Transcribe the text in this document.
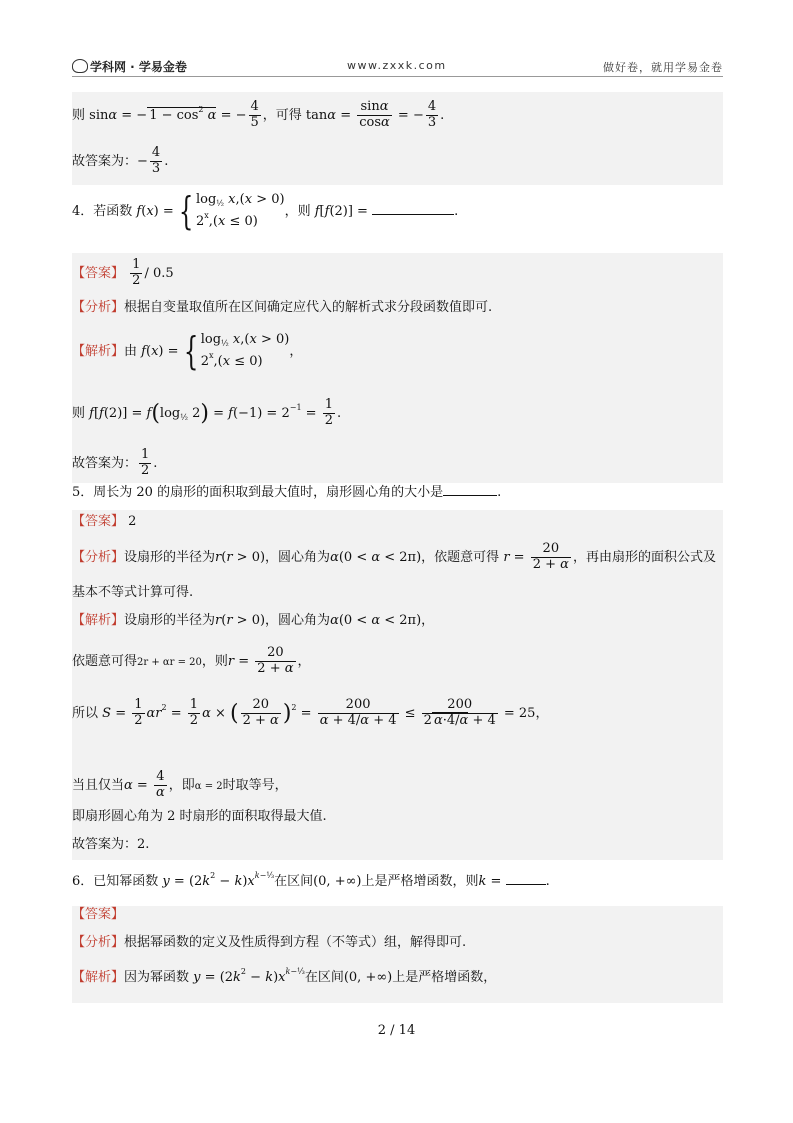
学科网 · 学易金卷	www.zxxk.com	做好卷，就用学易金卷
则 sinα = − $1 - \cos^2 \alpha$ = − $\frac{4}{5}$ ，可得 $\tan\alpha = \frac{\sin\alpha}{\cos\alpha}$ = − $\frac{4}{3}$ .
故答案为：− $\frac{4}{3}$ .
4．若函数 f(x) = { $\log_{\frac{1}{2}} x,(x > 0)$
$2^x,(x \le 0)$，则 f[f(2)] =	.
【答案】 $\frac{1}{2} / 0.5$
【分析】根据自变量取值所在区间确定应代入的解析式求分段函数值即可.
【解析】由 f(x) = { $\log_{\frac{1}{2}} x,(x > 0)$
$2^x,(x \le 0)$，
则 $f[f(2)] = f(\log_{\frac{1}{2}}$ $2) = f(-1) = 2^{-1} = \frac{1}{2}$ .
故答案为： $\frac{1}{2}$ .
5．周长为 20 的扇形的面积取到最大值时，扇形圆心角的大小是	.
【答案】 2
【分析】设扇形的半径为r(r > 0)，圆心角为α(0 < α < 2π)，依题意可得 $r = \frac{20}{2 + \alpha}$ ，再由扇形的面积公式及
基本不等式计算可得.
【解析】设扇形的半径为r(r > 0)，圆心角为α(0 < α < 2π)，
依题意可得2r + αr = 20，则$r = \frac{20}{2 + \alpha}$ ，
所以 $S = \frac{1}{2} \alpha r^2 = \frac{1}{2}$ α × ( $\frac{20}{2 + \alpha} )^2 = \frac{200}{\alpha + 4/\alpha + 4} \le \frac{200}{2 \alpha\cdot 4/\alpha + 4} = 25$，
当且仅当$\alpha = \frac{4}{\alpha}$ ，即α = 2时取等号，
即扇形圆心角为 2 时扇形的面积取得最大值.
故答案为：2.
6．已知幂函数 $y = (2k^2 - k)x^{k-\frac{1}{3}}$在区间(0, +∞)上是严格增函数，则k =	.
【答案】
【分析】根据幂函数的定义及性质得到方程（不等式）组，解得即可.
【解析】因为幂函数 $y = (2k^2 - k)x^{k-\frac{1}{3}}$在区间(0, +∞)上是严格增函数，
2 / 14
